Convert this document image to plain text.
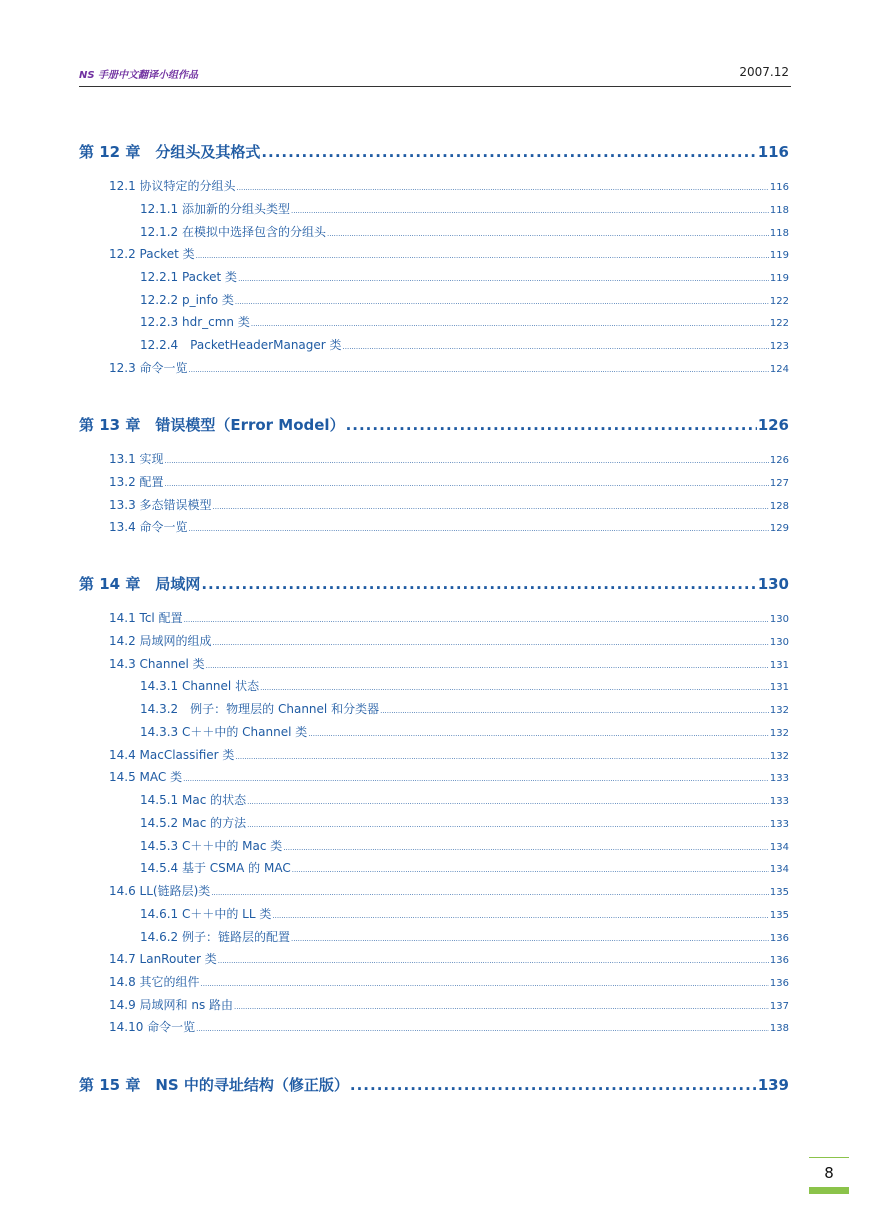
NS 手册中文翻译小组作品	2007.12
第 12 章　分组头及其格式 .....	116
12.1 协议特定的分组头 .....	116
12.1.1 添加新的分组头类型 .....	118
12.1.2 在模拟中选择包含的分组头 .....	118
12.2 Packet 类 .....	119
12.2.1 Packet 类 .....	119
12.2.2 p_info 类 .....	122
12.2.3 hdr_cmn 类 .....	122
12.2.4　PacketHeaderManager 类 .....	123
12.3 命令一览 .....	124
第 13 章　错误模型（Error Model） .....	126
13.1 实现 .....	126
13.2 配置 .....	127
13.3 多态错误模型 .....	128
13.4 命令一览 .....	129
第 14 章　局域网 .....	130
14.1 Tcl 配置 .....	130
14.2 局域网的组成 .....	130
14.3 Channel 类 .....	131
14.3.1 Channel 状态 .....	131
14.3.2　例子：物理层的 Channel 和分类器 .....	132
14.3.3 C＋＋中的 Channel 类 .....	132
14.4 MacClassifier 类 .....	132
14.5 MAC 类 .....	133
14.5.1 Mac 的状态 .....	133
14.5.2 Mac 的方法 .....	133
14.5.3 C＋＋中的 Mac 类 .....	134
14.5.4 基于 CSMA 的 MAC .....	134
14.6 LL(链路层)类 .....	135
14.6.1 C＋＋中的 LL 类 .....	135
14.6.2 例子：链路层的配置 .....	136
14.7 LanRouter 类 .....	136
14.8 其它的组件 .....	136
14.9 局域网和 ns 路由 .....	137
14.10 命令一览 .....	138
第 15 章　NS 中的寻址结构（修正版） .....	139
8
